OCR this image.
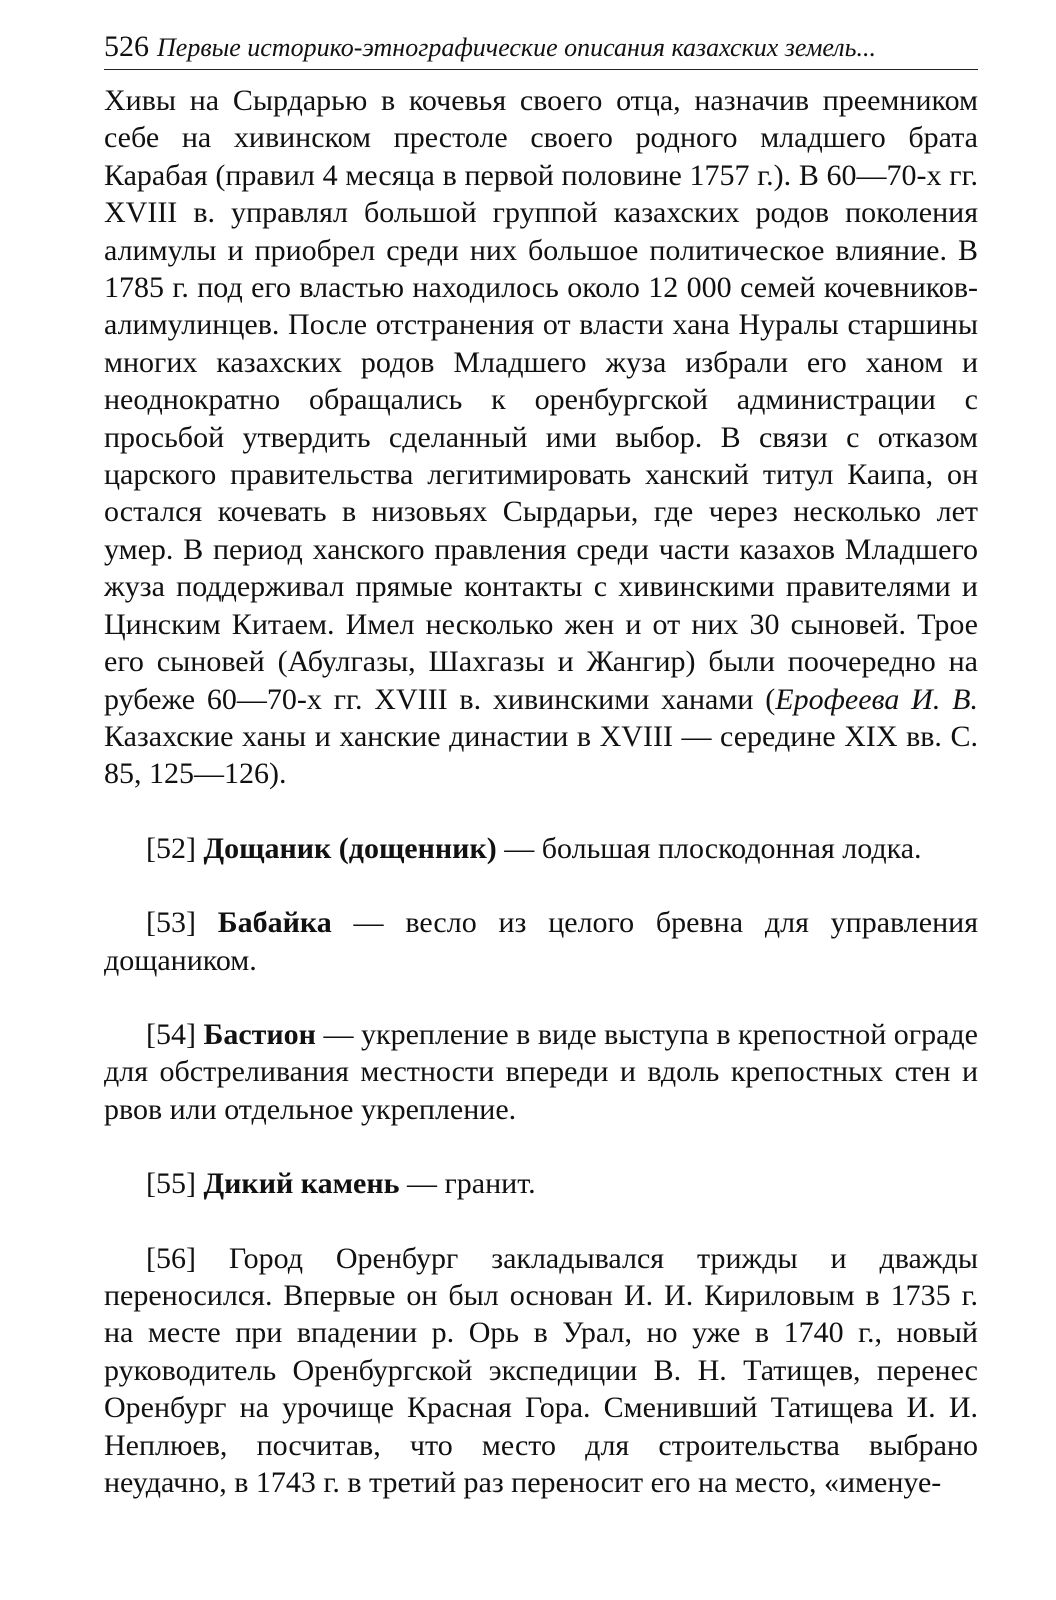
526 Первые историко-этнографические описания казахских земель...

Хивы на Сырдарью в кочевья своего отца, назначив преемником себе на хивинском престоле своего родного младшего брата Карабая (правил 4 месяца в первой половине 1757 г.). В 60—70-х гг. XVIII в. управлял большой группой казахских родов поколения алимулы и приобрел среди них большое политическое влияние. В 1785 г. под его властью находилось около 12 000 семей кочевников-алимулинцев. После отстранения от власти хана Нуралы старшины многих казахских родов Младшего жуза избрали его ханом и неоднократно обращались к оренбургской администрации с просьбой утвердить сделанный ими выбор. В связи с отказом царского правительства легитимировать ханский титул Каипа, он остался кочевать в низовьях Сырдарьи, где через несколько лет умер. В период ханского правления среди части казахов Младшего жуза поддерживал прямые контакты с хивинскими правителями и Цинским Китаем. Имел несколько жен и от них 30 сыновей. Трое его сыновей (Абулгазы, Шахгазы и Жангир) были поочередно на рубеже 60—70-х гг. XVIII в. хивинскими ханами (Ерофеева И. В. Казахские ханы и ханские династии в XVIII — середине XIX вв. С. 85, 125—126).

[52] Дощаник (дощенник) — большая плоскодонная лодка.

[53] Бабайка — весло из целого бревна для управления дощаником.

[54] Бастион — укрепление в виде выступа в крепостной ограде для обстреливания местности впереди и вдоль крепостных стен и рвов или отдельное укрепление.

[55] Дикий камень — гранит.

[56] Город Оренбург закладывался трижды и дважды переносился. Впервые он был основан И. И. Кириловым в 1735 г. на месте при впадении р. Орь в Урал, но уже в 1740 г., новый руководитель Оренбургской экспедиции В. Н. Татищев, перенес Оренбург на урочище Красная Гора. Сменивший Татищева И. И. Неплюев, посчитав, что место для строительства выбрано неудачно, в 1743 г. в третий раз переносит его на место, «именуе-
